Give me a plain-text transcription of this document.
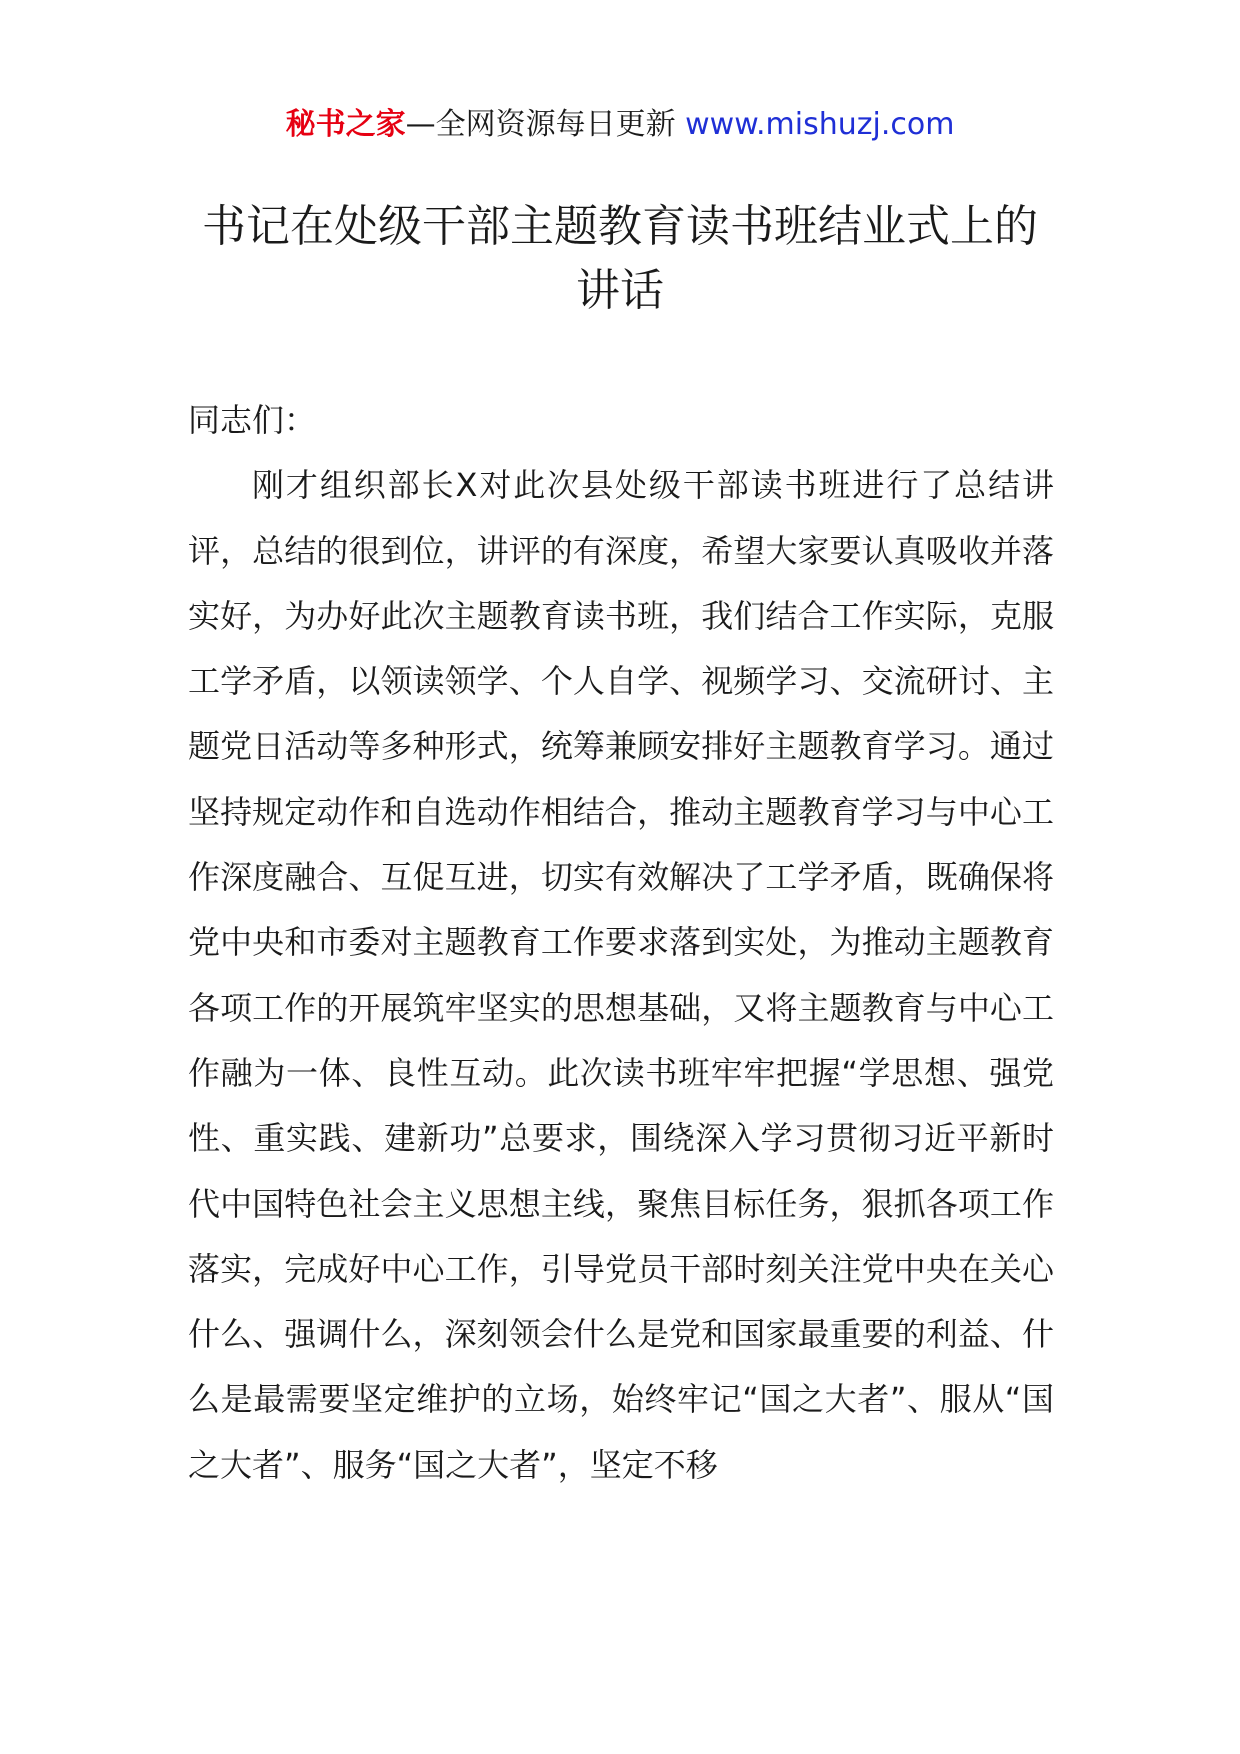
秘书之家—全网资源每日更新 www.mishuzj.com
书记在处级干部主题教育读书班结业式上的讲话

同志们：

刚才组织部长X对此次县处级干部读书班进行了总结讲评，总结的很到位，讲评的有深度，希望大家要认真吸收并落实好，为办好此次主题教育读书班，我们结合工作实际，克服工学矛盾，以领读领学、个人自学、视频学习、交流研讨、主题党日活动等多种形式，统筹兼顾安排好主题教育学习。通过坚持规定动作和自选动作相结合，推动主题教育学习与中心工作深度融合、互促互进，切实有效解决了工学矛盾，既确保将党中央和市委对主题教育工作要求落到实处，为推动主题教育各项工作的开展筑牢坚实的思想基础，又将主题教育与中心工作融为一体、良性互动。此次读书班牢牢把握“学思想、强党性、重实践、建新功”总要求，围绕深入学习贯彻习近平新时代中国特色社会主义思想主线，聚焦目标任务，狠抓各项工作落实，完成好中心工作，引导党员干部时刻关注党中央在关心什么、强调什么，深刻领会什么是党和国家最重要的利益、什么是最需要坚定维护的立场，始终牢记“国之大者”、服从“国之大者”、服务“国之大者”，坚定不移
